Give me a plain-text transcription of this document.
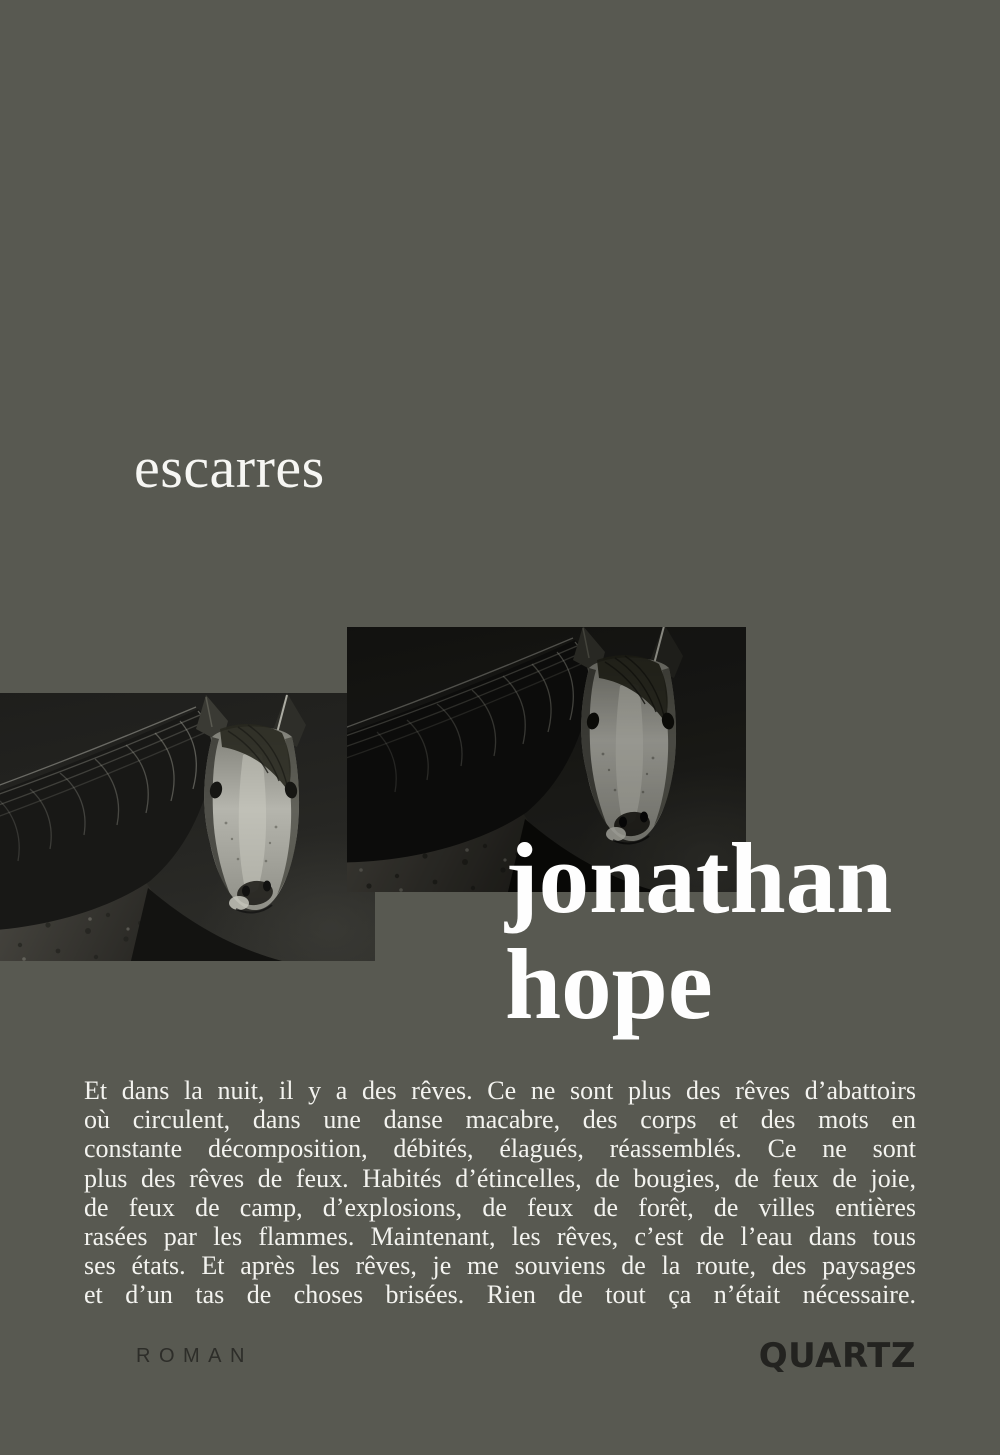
escarres
jonathan
hope
Et dans la nuit, il y a des rêves. Ce ne sont plus des rêves d’abattoirs
où circulent, dans une danse macabre, des corps et des mots en
constante décomposition, débités, élagués, réassemblés. Ce ne sont
plus des rêves de feux. Habités d’étincelles, de bougies, de feux de joie,
de feux de camp, d’explosions, de feux de forêt, de villes entières
rasées par les flammes. Maintenant, les rêves, c’est de l’eau dans tous
ses états. Et après les rêves, je me souviens de la route, des paysages
et d’un tas de choses brisées. Rien de tout ça n’était nécessaire.
ROMAN	QUARTZ
